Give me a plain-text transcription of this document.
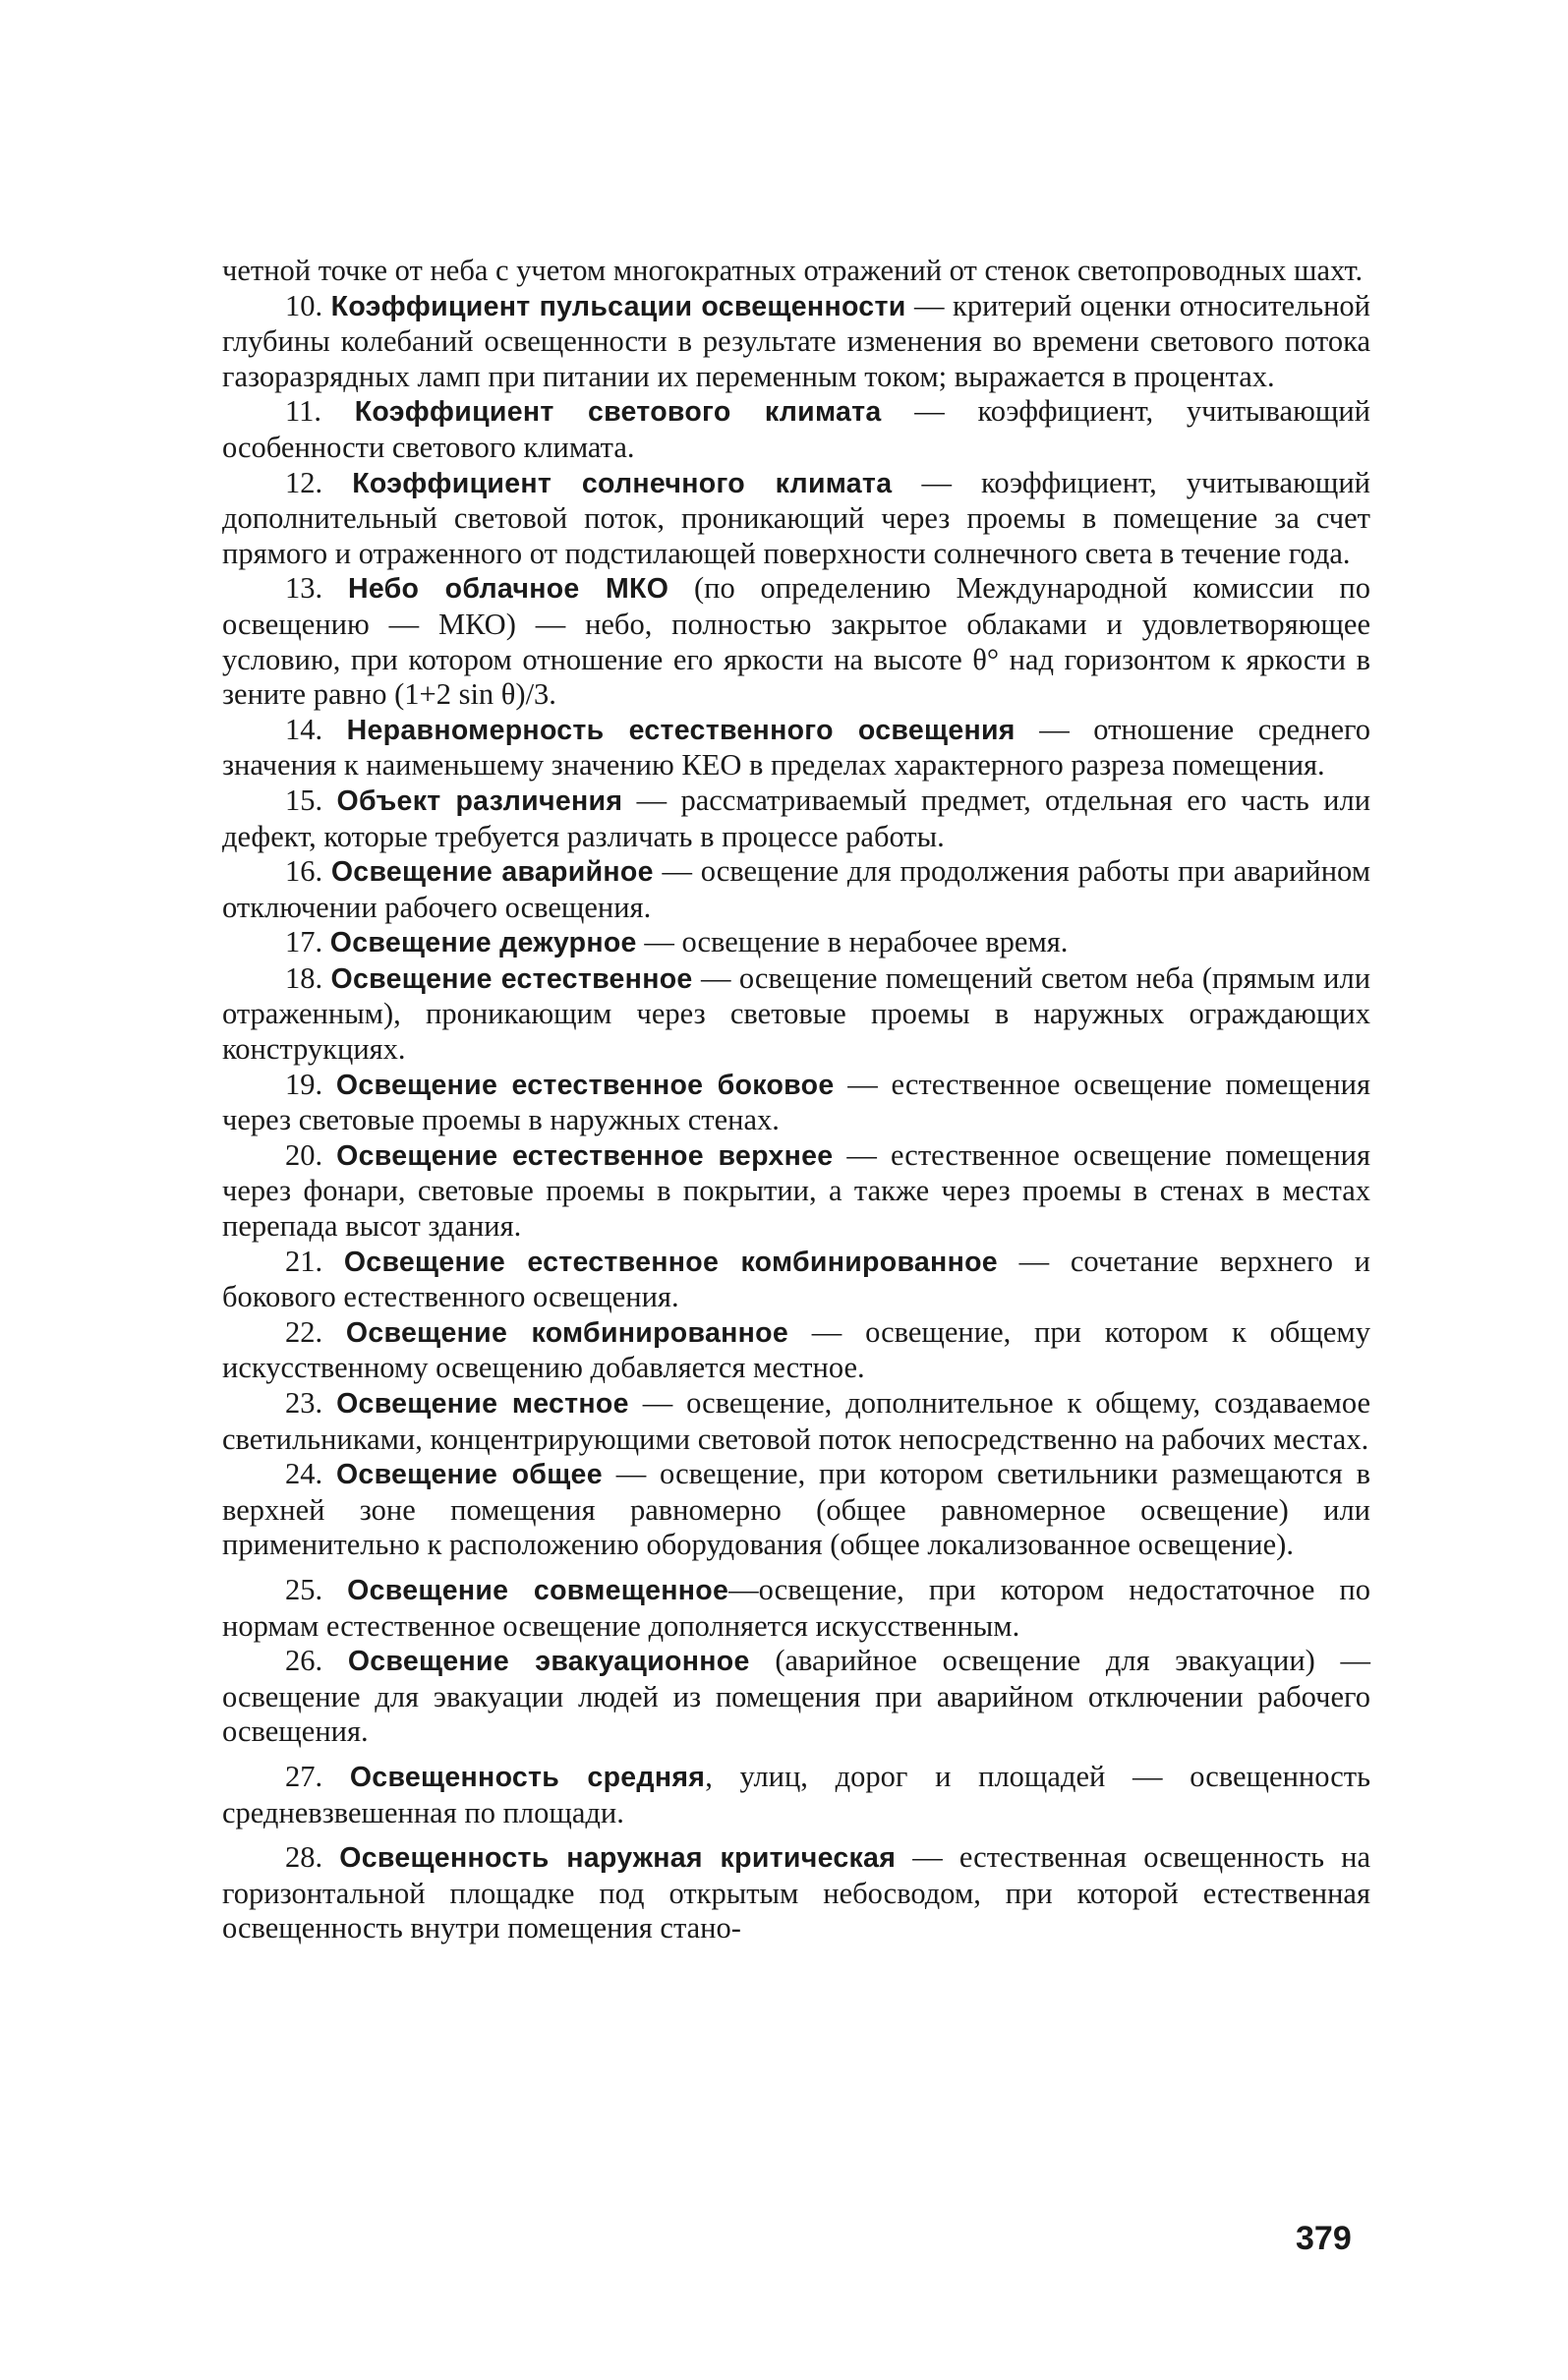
четной точке от неба с учетом многократных отражений от стенок светопроводных шахт.

10. Коэффициент пульсации освещенности — критерий оценки относительной глубины колебаний освещенности в результате изменения во времени светового потока газоразрядных ламп при питании их переменным током; выражается в процентах.

11. Коэффициент светового климата — коэффициент, учитывающий особенности светового климата.

12. Коэффициент солнечного климата — коэффициент, учитывающий дополнительный световой поток, проникающий через проемы в помещение за счет прямого и отраженного от подстилающей поверхности солнечного света в течение года.

13. Небо облачное МКО (по определению Международной комиссии по освещению — МКО) — небо, полностью закрытое облаками и удовлетворяющее условию, при котором отношение его яркости на высоте θ° над горизонтом к яркости в зените равно (1+2 sin θ)/3.

14. Неравномерность естественного освещения — отношение среднего значения к наименьшему значению КЕО в пределах характерного разреза помещения.

15. Объект различения — рассматриваемый предмет, отдельная его часть или дефект, которые требуется различать в процессе работы.

16. Освещение аварийное — освещение для продолжения работы при аварийном отключении рабочего освещения.

17. Освещение дежурное — освещение в нерабочее время.

18. Освещение естественное — освещение помещений светом неба (прямым или отраженным), проникающим через световые проемы в наружных ограждающих конструкциях.

19. Освещение естественное боковое — естественное освещение помещения через световые проемы в наружных стенах.

20. Освещение естественное верхнее — естественное освещение помещения через фонари, световые проемы в покрытии, а также через проемы в стенах в местах перепада высот здания.

21. Освещение естественное комбинированное — сочетание верхнего и бокового естественного освещения.

22. Освещение комбинированное — освещение, при котором к общему искусственному освещению добавляется местное.

23. Освещение местное — освещение, дополнительное к общему, создаваемое светильниками, концентрирующими световой поток непосредственно на рабочих местах.

24. Освещение общее — освещение, при котором светильники размещаются в верхней зоне помещения равномерно (общее равномерное освещение) или применительно к расположению оборудования (общее локализованное освещение).

25. Освещение совмещенное—освещение, при котором недостаточное по нормам естественное освещение дополняется искусственным.

26. Освещение эвакуационное (аварийное освещение для эвакуации) — освещение для эвакуации людей из помещения при аварийном отключении рабочего освещения.

27. Освещенность средняя, улиц, дорог и площадей — освещенность средневзвешенная по площади.

28. Освещенность наружная критическая — естественная освещенность на горизонтальной площадке под открытым небосводом, при которой естественная освещенность внутри помещения стано-

379
